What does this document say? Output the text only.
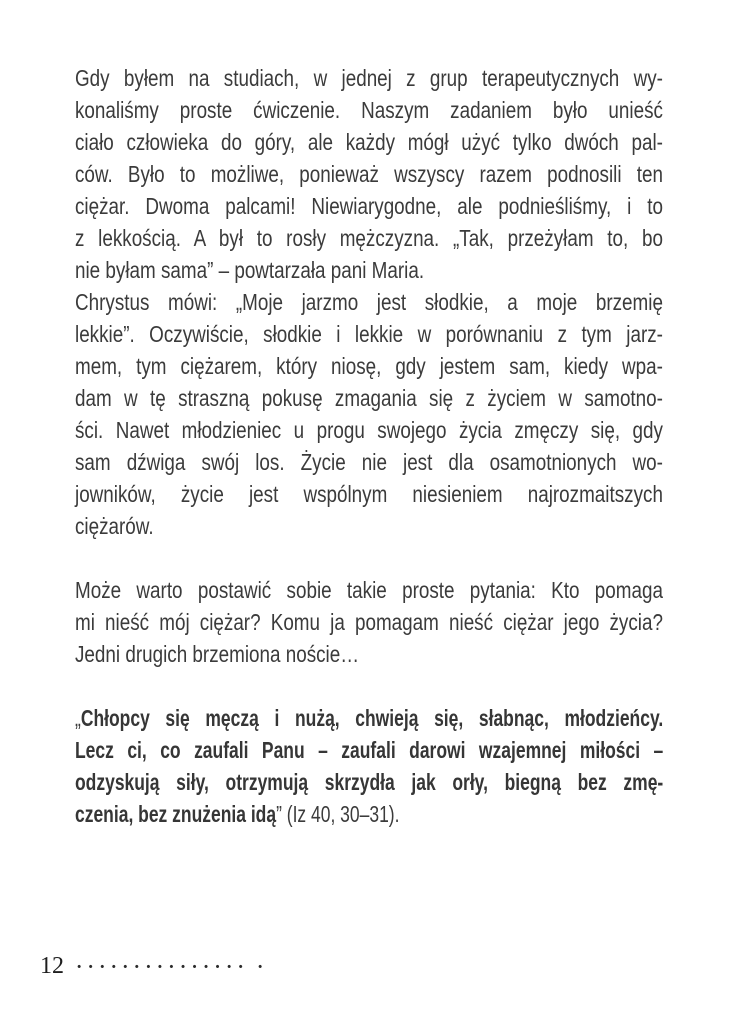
Gdy byłem na studiach, w jednej z grup terapeutycznych wy-
konaliśmy proste ćwiczenie. Naszym zadaniem było unieść
ciało człowieka do góry, ale każdy mógł użyć tylko dwóch pal-
ców. Było to możliwe, ponieważ wszyscy razem podnosili ten
ciężar. Dwoma palcami! Niewiarygodne, ale podnieśliśmy, i to
z lekkością. A był to rosły mężczyzna. „Tak, przeżyłam to, bo
nie byłam sama” – powtarzała pani Maria.
Chrystus mówi: „Moje jarzmo jest słodkie, a moje brzemię
lekkie”. Oczywiście, słodkie i lekkie w porównaniu z tym jarz-
mem, tym ciężarem, który niosę, gdy jestem sam, kiedy wpa-
dam w tę straszną pokusę zmagania się z życiem w samotno-
ści. Nawet młodzieniec u progu swojego życia zmęczy się, gdy
sam dźwiga swój los. Życie nie jest dla osamotnionych wo-
jowników, życie jest wspólnym niesieniem najrozmaitszych
ciężarów.
Może warto postawić sobie takie proste pytania: Kto pomaga
mi nieść mój ciężar? Komu ja pomagam nieść ciężar jego życia?
Jedni drugich brzemiona noście…
„Chłopcy się męczą i nużą, chwieją się, słabnąc, młodzieńcy.
Lecz ci, co zaufali Panu – zaufali darowi wzajemnej miłości –
odzyskują siły, otrzymują skrzydła jak orły, biegną bez zmę-
czenia, bez znużenia idą” (Iz 40, 30–31).
12 ··············· ·
